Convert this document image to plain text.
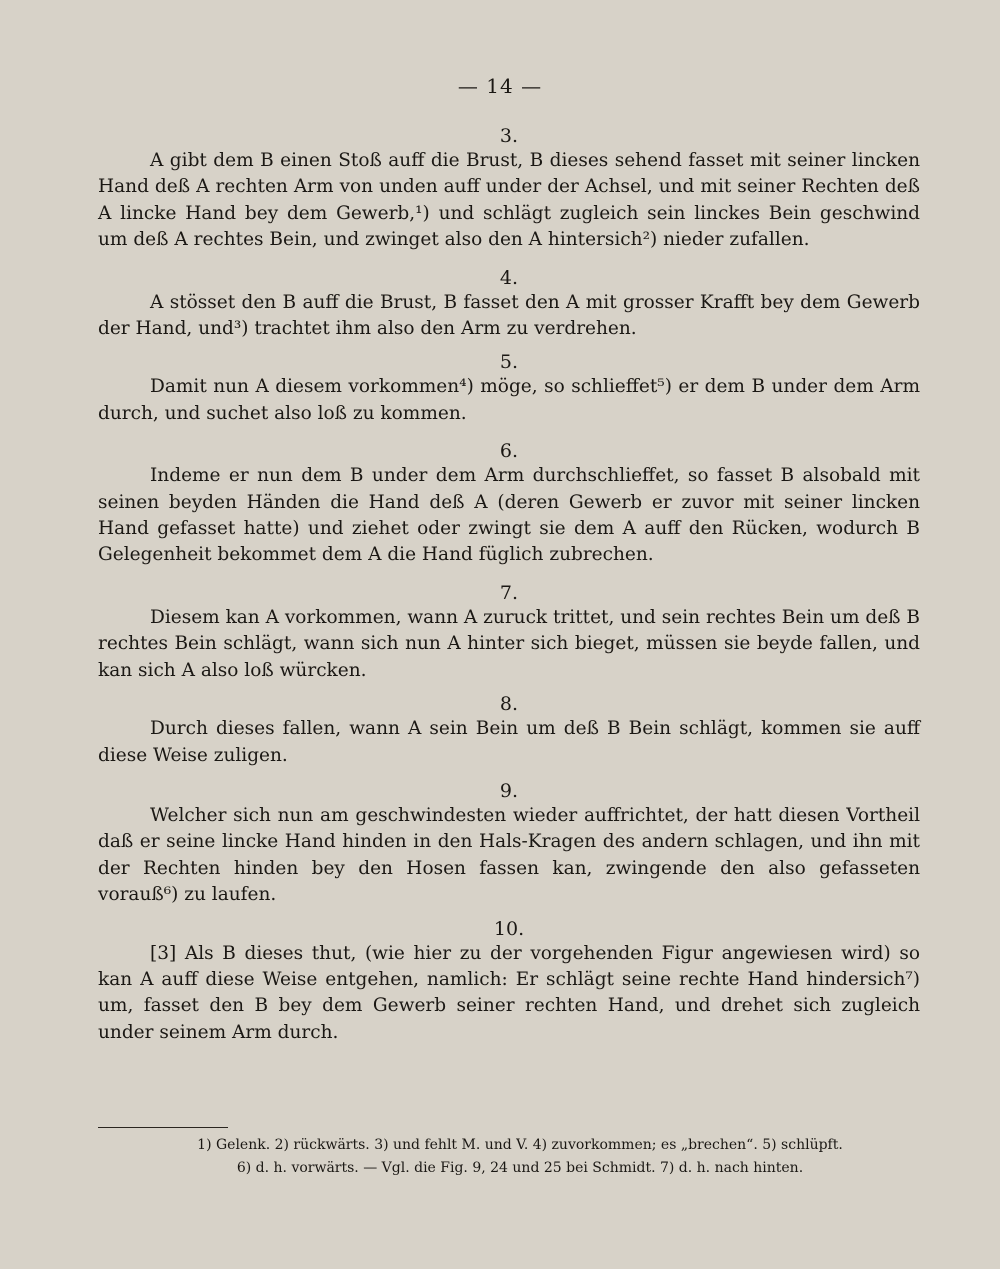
— 14 —
3.

A gibt dem B einen Stoß auff die Brust, B dieses sehend fasset mit seiner lincken Hand deß A rechten Arm von unden auff under der Achsel, und mit seiner Rechten deß A lincke Hand bey dem Gewerb,¹) und schlägt zugleich sein linckes Bein geschwind um deß A rechtes Bein, und zwinget also den A hintersich²) nieder zufallen.

4.

A stösset den B auff die Brust, B fasset den A mit grosser Krafft bey dem Gewerb der Hand, und³) trachtet ihm also den Arm zu verdrehen.

5.

Damit nun A diesem vorkommen⁴) möge, so schlieffet⁵) er dem B under dem Arm durch, und suchet also loß zu kommen.

6.

Indeme er nun dem B under dem Arm durchschlieffet, so fasset B alsobald mit seinen beyden Händen die Hand deß A (deren Gewerb er zuvor mit seiner lincken Hand gefasset hatte) und ziehet oder zwingt sie dem A auff den Rücken, wodurch B Gelegenheit bekommet dem A die Hand füglich zubrechen.

7.

Diesem kan A vorkommen, wann A zuruck trittet, und sein rechtes Bein um deß B rechtes Bein schlägt, wann sich nun A hinter sich bieget, müssen sie beyde fallen, und kan sich A also loß würcken.

8.

Durch dieses fallen, wann A sein Bein um deß B Bein schlägt, kommen sie auff diese Weise zuligen.

9.

Welcher sich nun am geschwindesten wieder auffrichtet, der hatt diesen Vortheil daß er seine lincke Hand hinden in den Hals-Kragen des andern schlagen, und ihn mit der Rechten hinden bey den Hosen fassen kan, zwingende den also gefasseten vorauß⁶) zu laufen.

10.

[3] Als B dieses thut, (wie hier zu der vorgehenden Figur angewiesen wird) so kan A auff diese Weise entgehen, namlich: Er schlägt seine rechte Hand hindersich⁷) um, fasset den B bey dem Gewerb seiner rechten Hand, und drehet sich zugleich under seinem Arm durch.

1) Gelenk. 2) rückwärts. 3) und fehlt M. und V. 4) zuvorkommen; es „brechen“. 5) schlüpft.

6) d. h. vorwärts. — Vgl. die Fig. 9, 24 und 25 bei Schmidt. 7) d. h. nach hinten.
